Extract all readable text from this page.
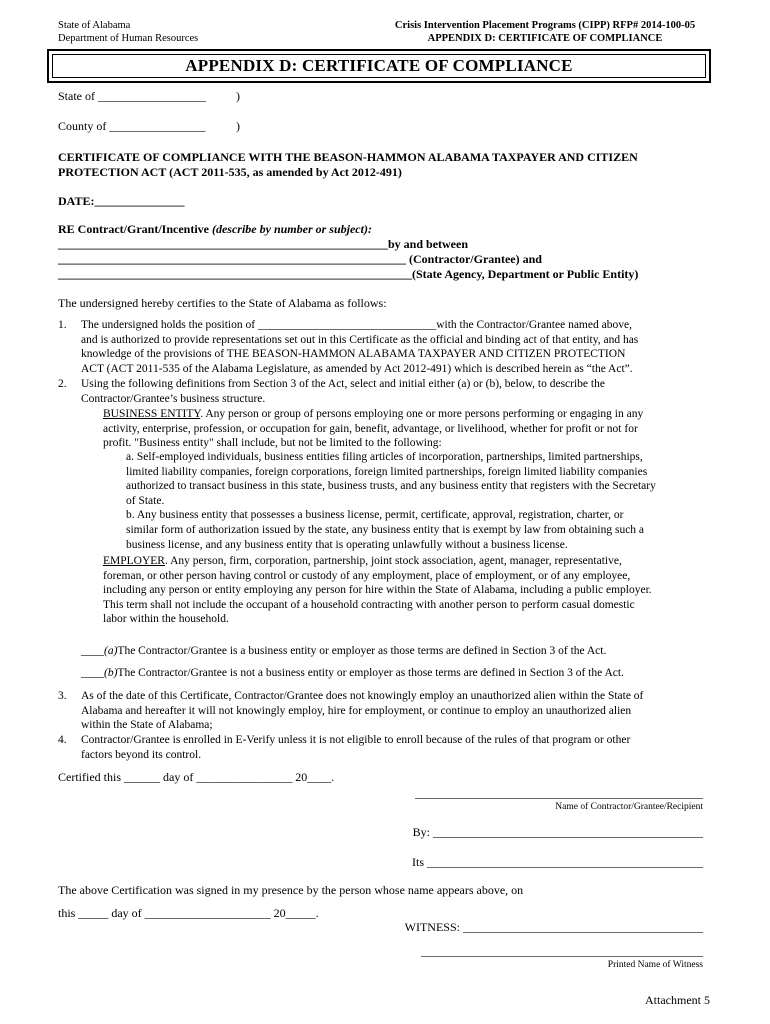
State of Alabama
Department of Human Resources
Crisis Intervention Placement Programs (CIPP) RFP# 2014-100-05
APPENDIX D: CERTIFICATE OF COMPLIANCE
APPENDIX D: CERTIFICATE OF COMPLIANCE
State of __________________	)
County of ________________	)
CERTIFICATE OF COMPLIANCE WITH THE BEASON-HAMMON ALABAMA TAXPAYER AND CITIZEN
PROTECTION ACT (ACT 2011-535, as amended by Act 2012-491)
DATE:_______________
RE Contract/Grant/Incentive (describe by number or subject):
_______________________________________________________by and between
__________________________________________________________ (Contractor/Grantee) and
___________________________________________________________(State Agency, Department or Public Entity)
The undersigned hereby certifies to the State of Alabama as follows:
1. The undersigned holds the position of _______________________________with the Contractor/Grantee named above,
and is authorized to provide representations set out in this Certificate as the official and binding act of that entity, and has
knowledge of the provisions of THE BEASON-HAMMON ALABAMA TAXPAYER AND CITIZEN PROTECTION
ACT (ACT 2011-535 of the Alabama Legislature, as amended by Act 2012-491) which is described herein as “the Act”.
2. Using the following definitions from Section 3 of the Act, select and initial either (a) or (b), below, to describe the
Contractor/Grantee’s business structure.
BUSINESS ENTITY. Any person or group of persons employing one or more persons performing or engaging in any
activity, enterprise, profession, or occupation for gain, benefit, advantage, or livelihood, whether for profit or not for
profit. "Business entity" shall include, but not be limited to the following:
a. Self-employed individuals, business entities filing articles of incorporation, partnerships, limited partnerships,
limited liability companies, foreign corporations, foreign limited partnerships, foreign limited liability companies
authorized to transact business in this state, business trusts, and any business entity that registers with the Secretary
of State.
b. Any business entity that possesses a business license, permit, certificate, approval, registration, charter, or
similar form of authorization issued by the state, any business entity that is exempt by law from obtaining such a
business license, and any business entity that is operating unlawfully without a business license.
EMPLOYER. Any person, firm, corporation, partnership, joint stock association, agent, manager, representative,
foreman, or other person having control or custody of any employment, place of employment, or of any employee,
including any person or entity employing any person for hire within the State of Alabama, including a public employer.
This term shall not include the occupant of a household contracting with another person to perform casual domestic
labor within the household.
____(a)The Contractor/Grantee is a business entity or employer as those terms are defined in Section 3 of the Act.
____(b)The Contractor/Grantee is not a business entity or employer as those terms are defined in Section 3 of the Act.
3. As of the date of this Certificate, Contractor/Grantee does not knowingly employ an unauthorized alien within the State of
Alabama and hereafter it will not knowingly employ, hire for employment, or continue to employ an unauthorized alien
within the State of Alabama;
4. Contractor/Grantee is enrolled in E-Verify unless it is not eligible to enroll because of the rules of that program or other
factors beyond its control.
Certified this ______ day of ________________ 20____.
________________________________________________
Name of Contractor/Grantee/Recipient
By: _____________________________________________
Its ______________________________________________
The above Certification was signed in my presence by the person whose name appears above, on
this _____ day of _____________________ 20_____.
WITNESS: ________________________________________
_______________________________________________
Printed Name of Witness
Attachment 5
